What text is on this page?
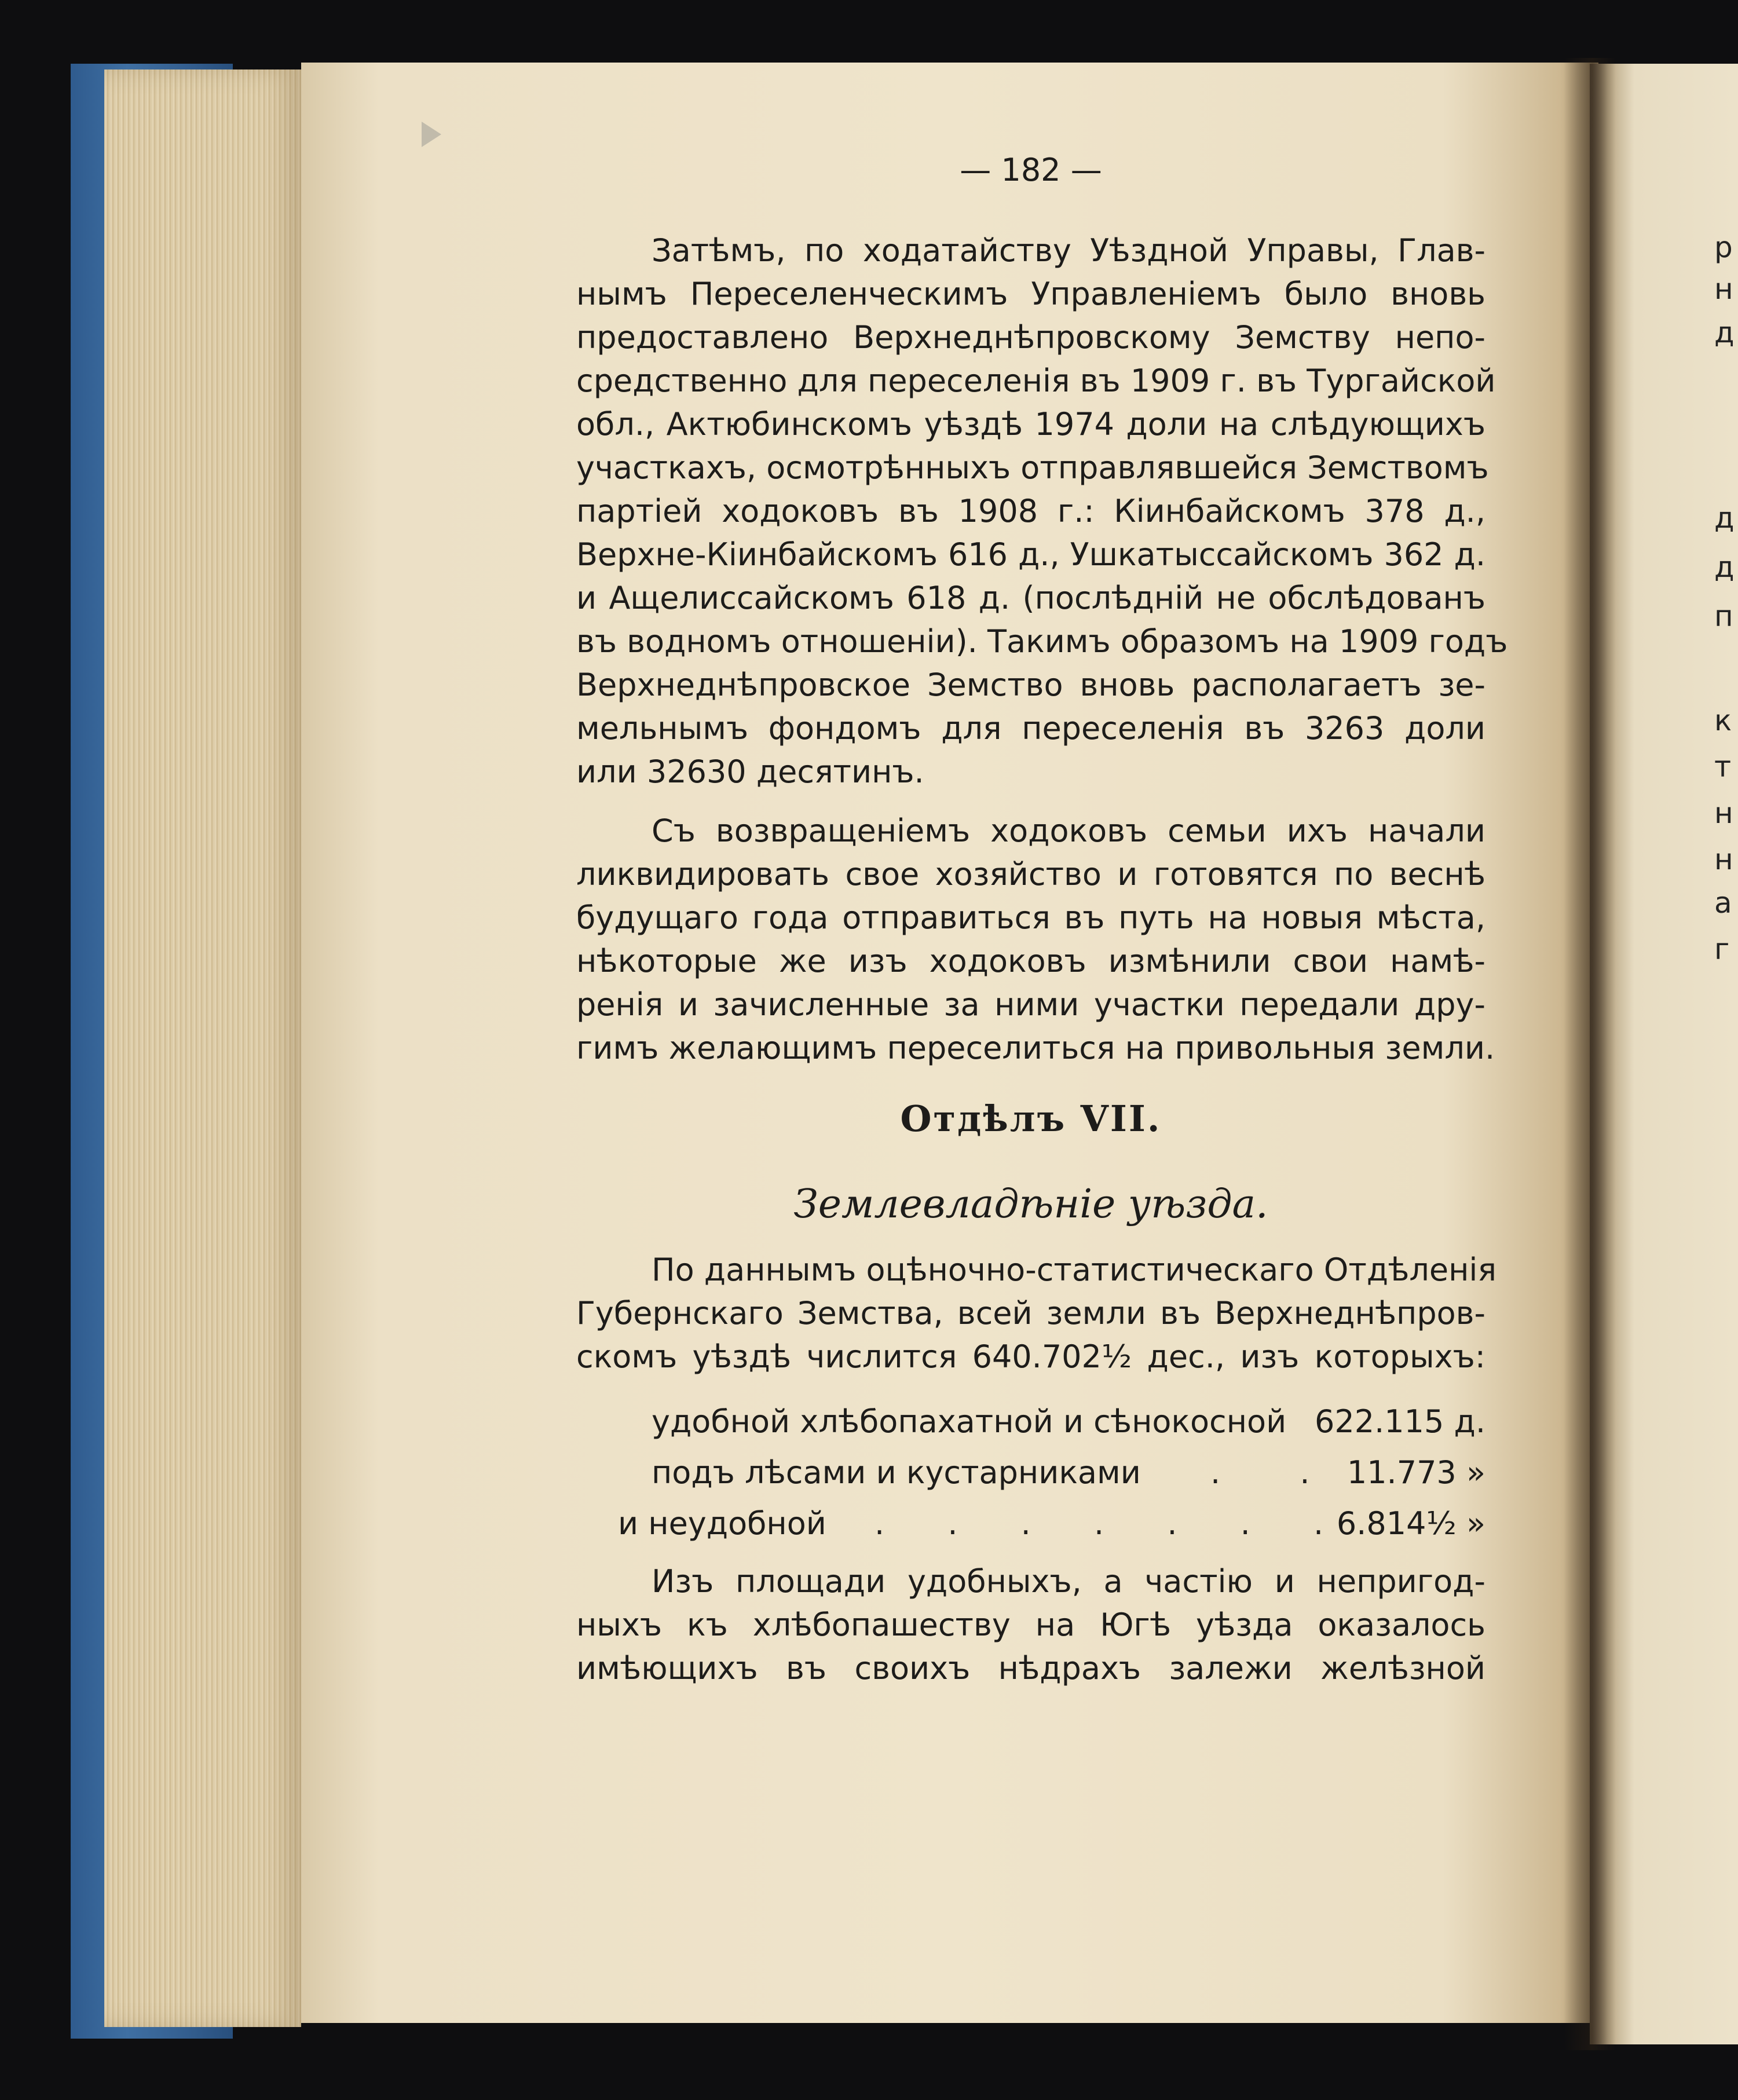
— 182 —
Затѣмъ, по ходатайству Уѣздной Управы, Глав-
нымъ Переселенческимъ Управленіемъ было вновь
предоставлено Верхнеднѣпровскому Земству непо-
средственно для переселенія въ 1909 г. въ Тургайской
обл., Актюбинскомъ уѣздѣ 1974 доли на слѣдующихъ
участкахъ, осмотрѣнныхъ отправлявшейся Земствомъ
партіей ходоковъ въ 1908 г.: Кіинбайскомъ 378 д.,
Верхне-Кіинбайскомъ 616 д., Ушкатыссайскомъ 362 д.
и Ащелиссайскомъ 618 д. (послѣдній не обслѣдованъ
въ водномъ отношеніи). Такимъ образомъ на 1909 годъ
Верхнеднѣпровское Земство вновь располагаетъ зе-
мельнымъ фондомъ для переселенія въ 3263 доли
или 32630 десятинъ.
Съ возвращеніемъ ходоковъ семьи ихъ начали
ликвидировать свое хозяйство и готовятся по веснѣ
будущаго года отправиться въ путь на новыя мѣста,
нѣкоторые же изъ ходоковъ измѣнили свои намѣ-
ренія и зачисленные за ними участки передали дру-
гимъ желающимъ переселиться на привольныя земли.
Отдѣлъ VII.
Землевладѣніе уѣзда.
По даннымъ оцѣночно-статистическаго Отдѣленія
Губернскаго Земства, всей земли въ Верхнеднѣпров-
скомъ уѣздѣ числится 640.702½ дес., изъ которыхъ:
удобной хлѣбопахатной и сѣнокосной 622.115 д.
подъ лѣсами и кустарниками . . 11.773 »
и неудобной . . . . . . .
6.814½ »
Изъ площади удобныхъ, а частію и непригод-
ныхъ къ хлѣбопашеству на Югѣ уѣзда оказалось
имѣющихъ въ своихъ нѣдрахъ залежи желѣзной
р
н
д
д
д
п
к
т
н
н
а
г
